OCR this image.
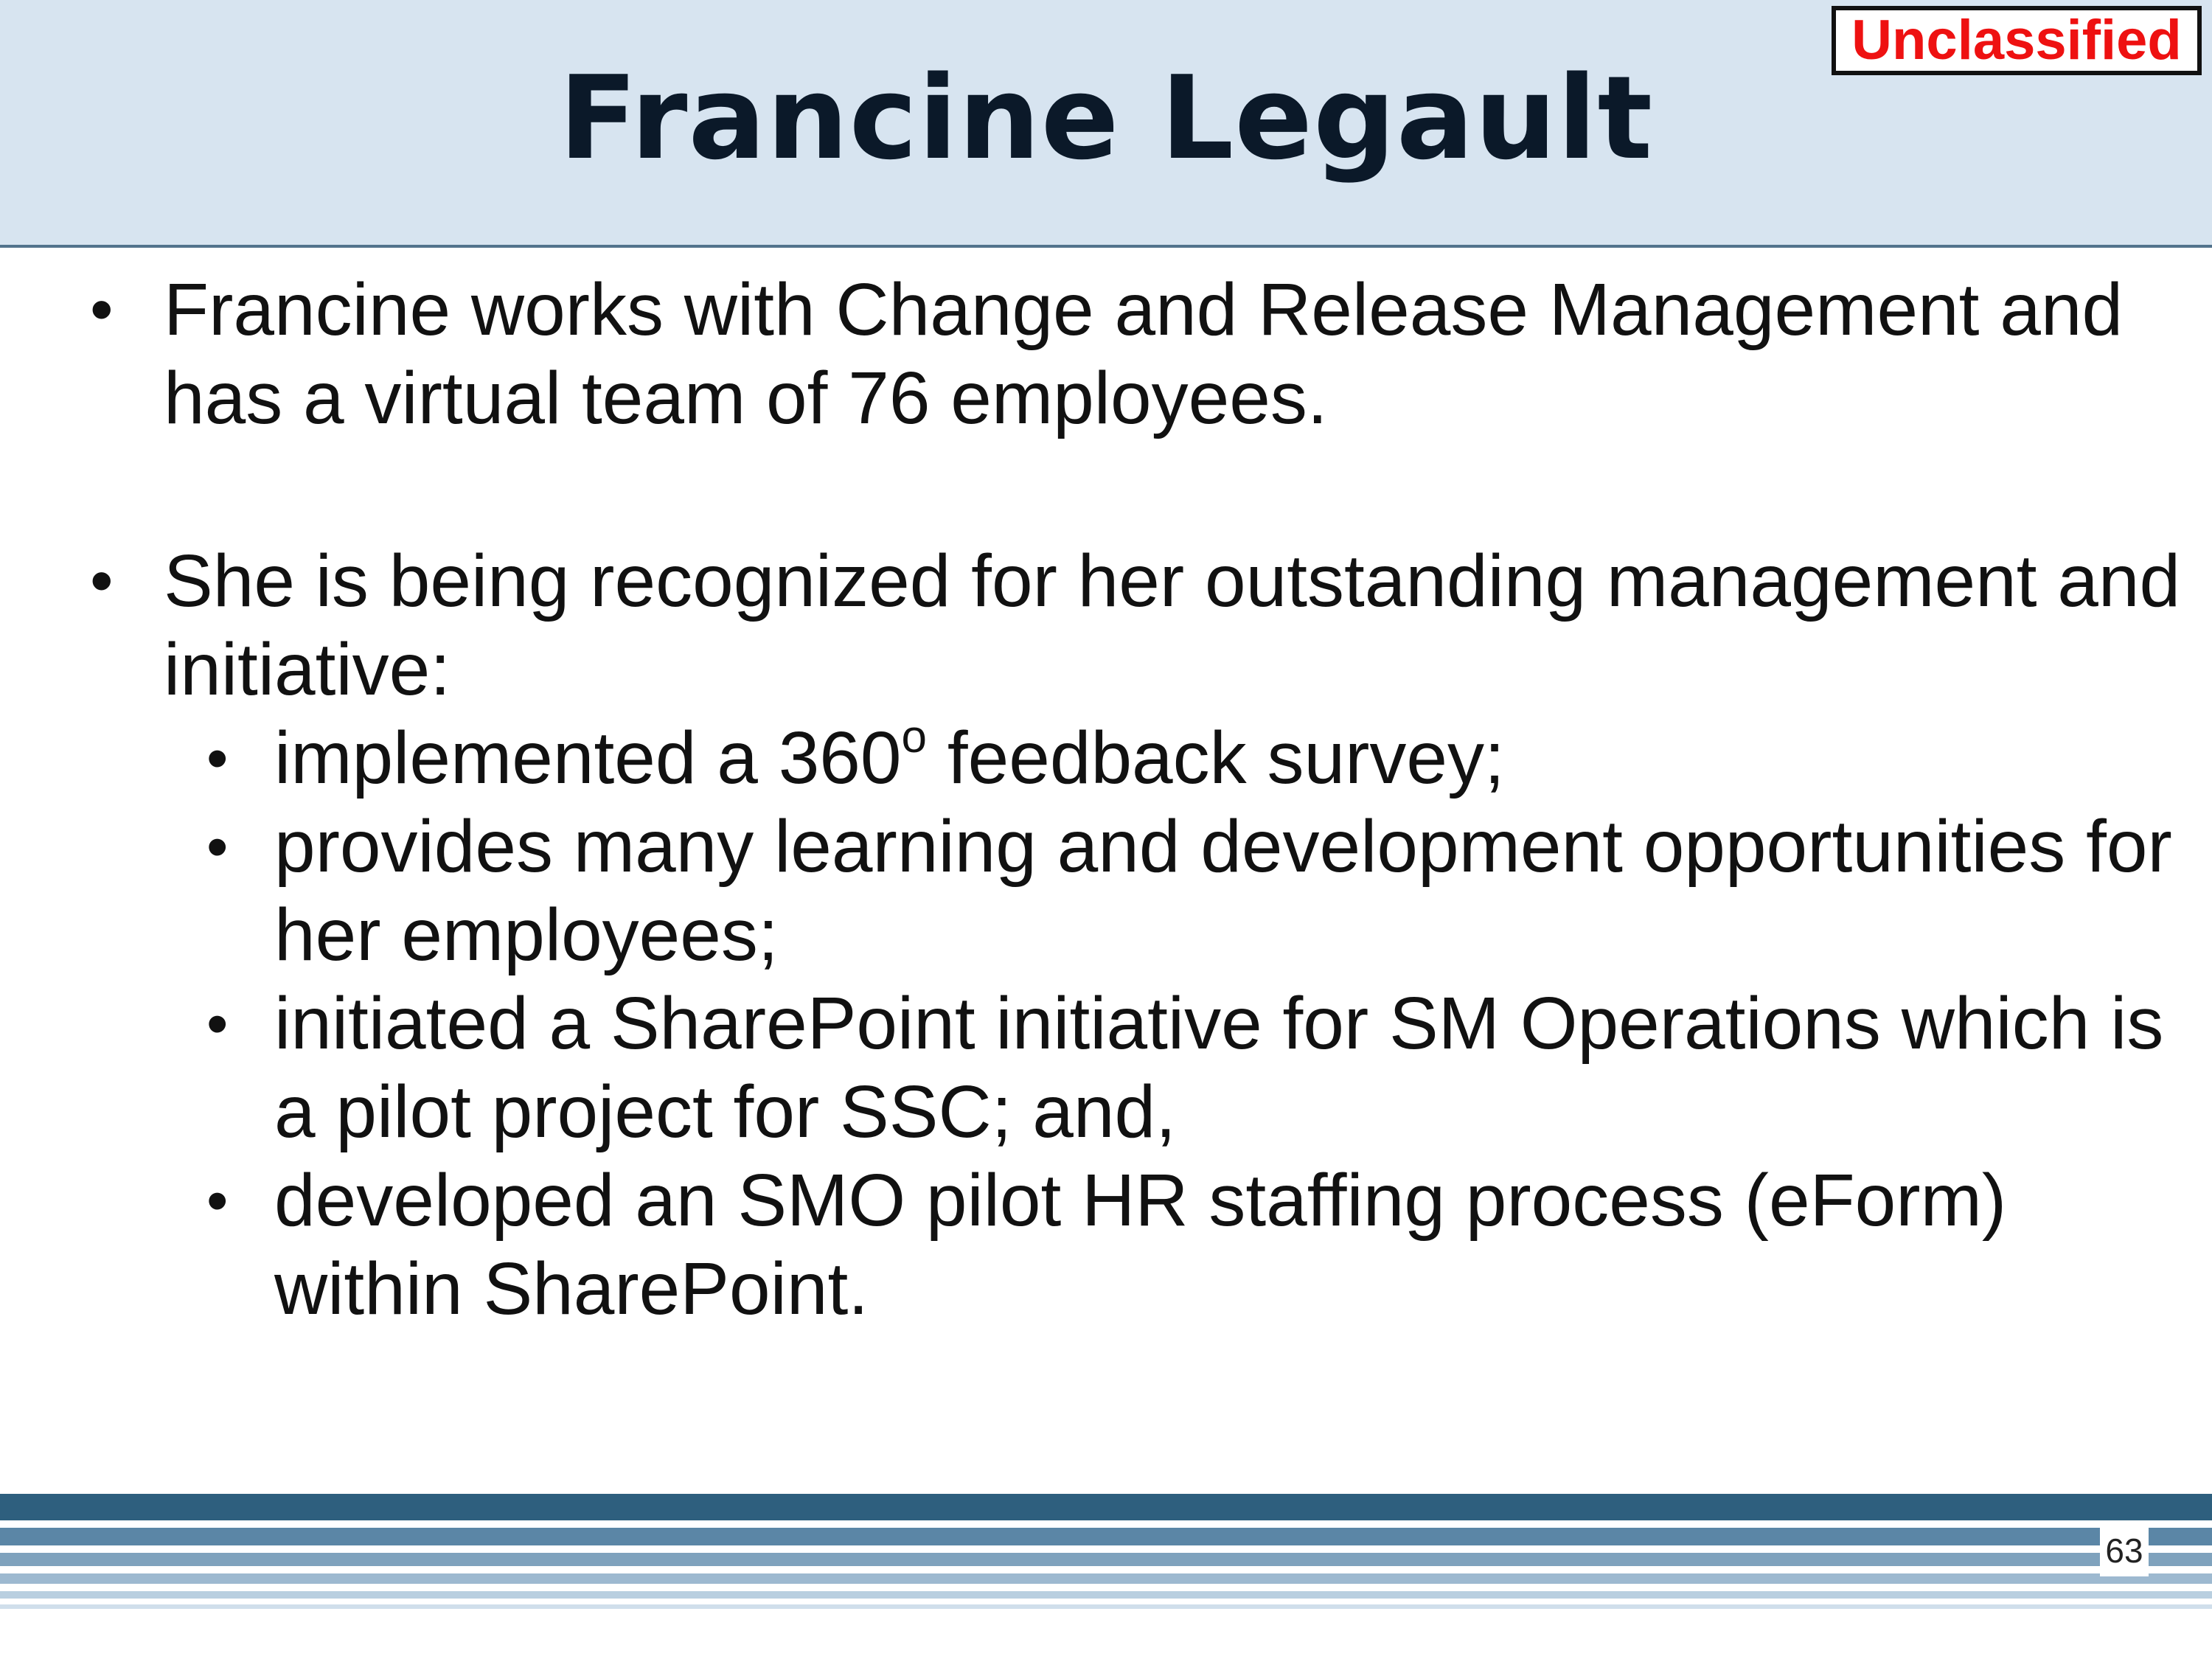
Francine Legault
Unclassified
• Francine works with Change and Release Management and has a virtual team of 76 employees.
• She is being recognized for her outstanding management and initiative:
• implemented a 360$^o$ feedback survey;
• provides many learning and development opportunities for her employees;
• initiated a SharePoint initiative for SM Operations which is a pilot project for SSC; and,
• developed an SMO pilot HR staffing process (eForm) within SharePoint.
63
